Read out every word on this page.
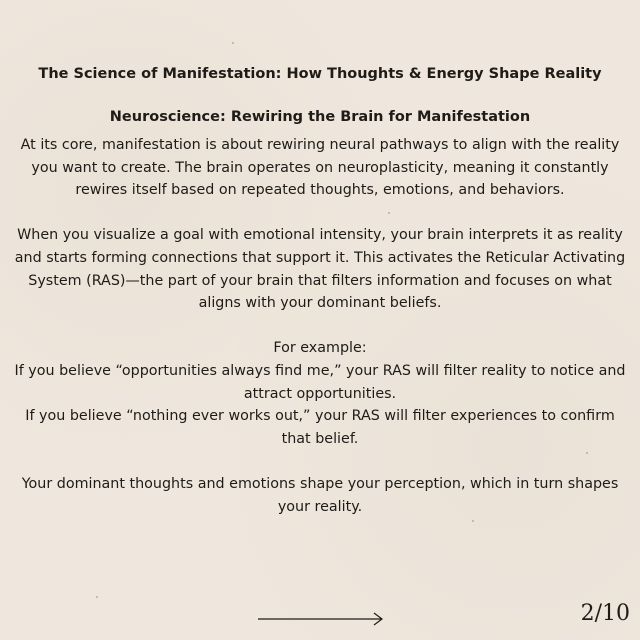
The Science of Manifestation: How Thoughts & Energy Shape Reality
Neuroscience: Rewiring the Brain for Manifestation

At its core, manifestation is about rewiring neural pathways to align with the reality you want to create. The brain operates on neuroplasticity, meaning it constantly rewires itself based on repeated thoughts, emotions, and behaviors.

When you visualize a goal with emotional intensity, your brain interprets it as reality and starts forming connections that support it. This activates the Reticular Activating System (RAS)—the part of your brain that filters information and focuses on what aligns with your dominant beliefs.

For example:

If you believe “opportunities always find me,” your RAS will filter reality to notice and attract opportunities.

If you believe “nothing ever works out,” your RAS will filter experiences to confirm that belief.

Your dominant thoughts and emotions shape your perception, which in turn shapes your reality.

2/10
